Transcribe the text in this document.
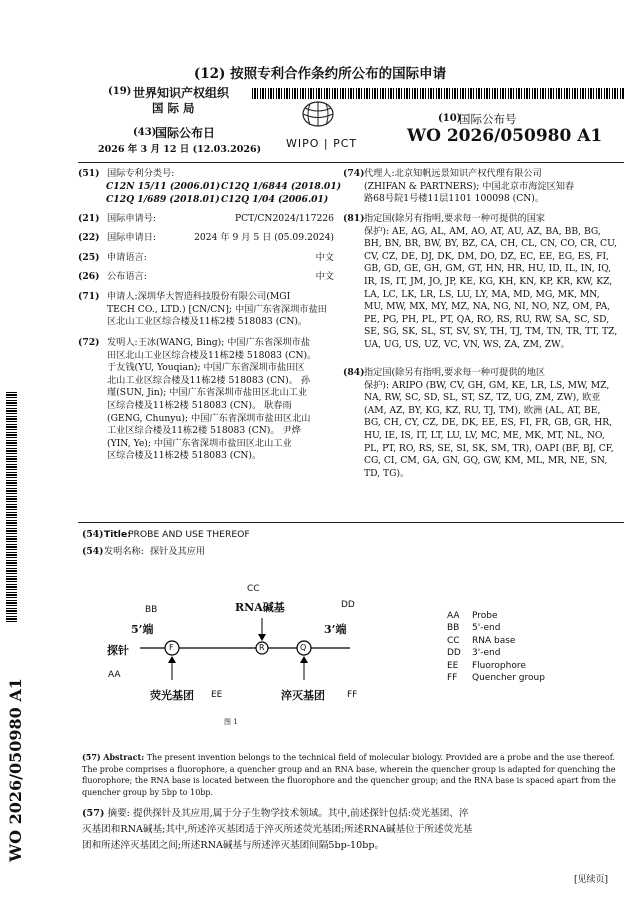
(12) 按照专利合作条约所公布的国际申请
(19) 世界知识产权组织
国 际 局
(43)
国际公布日
2026 年 3 月 12 日 (12.03.2026) WIPO | PCT
(10)
国际公布号
WO 2026/050980 A1
(51) 国际专利分类号:
C12N 15/11 (2006.01) C12Q 1/6844 (2018.01)
C12Q 1/689 (2018.01) C12Q 1/04 (2006.01)
(21) 国际申请号:	PCT/CN2024/117226
(22) 国际申请日:	2024 年 9 月 5 日 (05.09.2024)
(25) 申请语言:	中文
(26) 公布语言:	中文
(71) 申请人:深圳华大智造科技股份有限公司(MGI
TECH CO., LTD.) [CN/CN]; 中国广东省深圳市盐田
区北山工业区综合楼及11栋2楼 518083 (CN)。
(72) 发明人:王冰(WANG, Bing); 中国广东省深圳市盐
田区北山工业区综合楼及11栋2楼 518083 (CN)。
于友钱(YU, Youqian); 中国广东省深圳市盐田区
北山工业区综合楼及11栋2楼 518083 (CN)。 孙
瑾(SUN, Jin); 中国广东省深圳市盐田区北山工业
区综合楼及11栋2楼 518083 (CN)。 耿春雨
(GENG, Chunyu); 中国广东省深圳市盐田区北山
工业区综合楼及11栋2楼 518083 (CN)。 尹烨
(YIN, Ye); 中国广东省深圳市盐田区北山工业
区综合楼及11栋2楼 518083 (CN)。
(74) 代理人:北京知帆远景知识产权代理有限公司
(ZHIFAN & PARTNERS); 中国北京市海淀区知春
路68号院1号楼11层1101 100098 (CN)。
(81) 指定国(除另有指明,要求每一种可提供的国家
保护): AE, AG, AL, AM, AO, AT, AU, AZ, BA, BB, BG,
BH, BN, BR, BW, BY, BZ, CA, CH, CL, CN, CO, CR, CU,
CV, CZ, DE, DJ, DK, DM, DO, DZ, EC, EE, EG, ES, FI,
GB, GD, GE, GH, GM, GT, HN, HR, HU, ID, IL, IN, IQ,
IR, IS, IT, JM, JO, JP, KE, KG, KH, KN, KP, KR, KW, KZ,
LA, LC, LK, LR, LS, LU, LY, MA, MD, MG, MK, MN,
MU, MW, MX, MY, MZ, NA, NG, NI, NO, NZ, OM, PA,
PE, PG, PH, PL, PT, QA, RO, RS, RU, RW, SA, SC, SD,
SE, SG, SK, SL, ST, SV, SY, TH, TJ, TM, TN, TR, TT, TZ,
UA, UG, US, UZ, VC, VN, WS, ZA, ZM, ZW。
(84) 指定国(除另有指明,要求每一种可提供的地区
保护): ARIPO (BW, CV, GH, GM, KE, LR, LS, MW, MZ,
NA, RW, SC, SD, SL, ST, SZ, TZ, UG, ZM, ZW), 欧亚
(AM, AZ, BY, KG, KZ, RU, TJ, TM), 欧洲 (AL, AT, BE,
BG, CH, CY, CZ, DE, DK, EE, ES, FI, FR, GB, GR, HR,
HU, IE, IS, IT, LT, LU, LV, MC, ME, MK, MT, NL, NO,
PL, PT, RO, RS, SE, SI, SK, SM, TR), OAPI (BF, BJ, CF,
CG, CI, CM, GA, GN, GQ, GW, KM, ML, MR, NE, SN,
TD, TG)。
(54) Title:
PROBE AND USE THEREOF
(54) 发明名称: 探针及其应用
F	R	Q
CC
RNA碱基
BB
5’端
DD
3’端
探针
AA
荧光基团 EE	淬灭基团 FF
图 1
AA Probe
BB 5'-end
CC RNA base
DD 3'-end
EE Fluorophore
FF Quencher group
(57) Abstract: The present invention belongs to the technical field of molecular biology. Provided are a probe and the use thereof.
The probe comprises a fluorophore, a quencher group and an RNA base, wherein the quencher group is adapted for quenching the
fluorophore; the RNA base is located between the fluorophore and the quencher group; and the RNA base is spaced apart from the
quencher group by 5bp to 10bp.
(57) 摘要: 提供探针及其应用,属于分子生物学技术领域。其中,前述探针包括:荧光基团、淬
灭基团和RNA碱基;其中,所述淬灭基团适于淬灭所述荧光基团;所述RNA碱基位于所述荧光基
团和所述淬灭基团之间;所述RNA碱基与所述淬灭基团间隔5bp-10bp。
WO 2026/050980 A1
[见续页]
